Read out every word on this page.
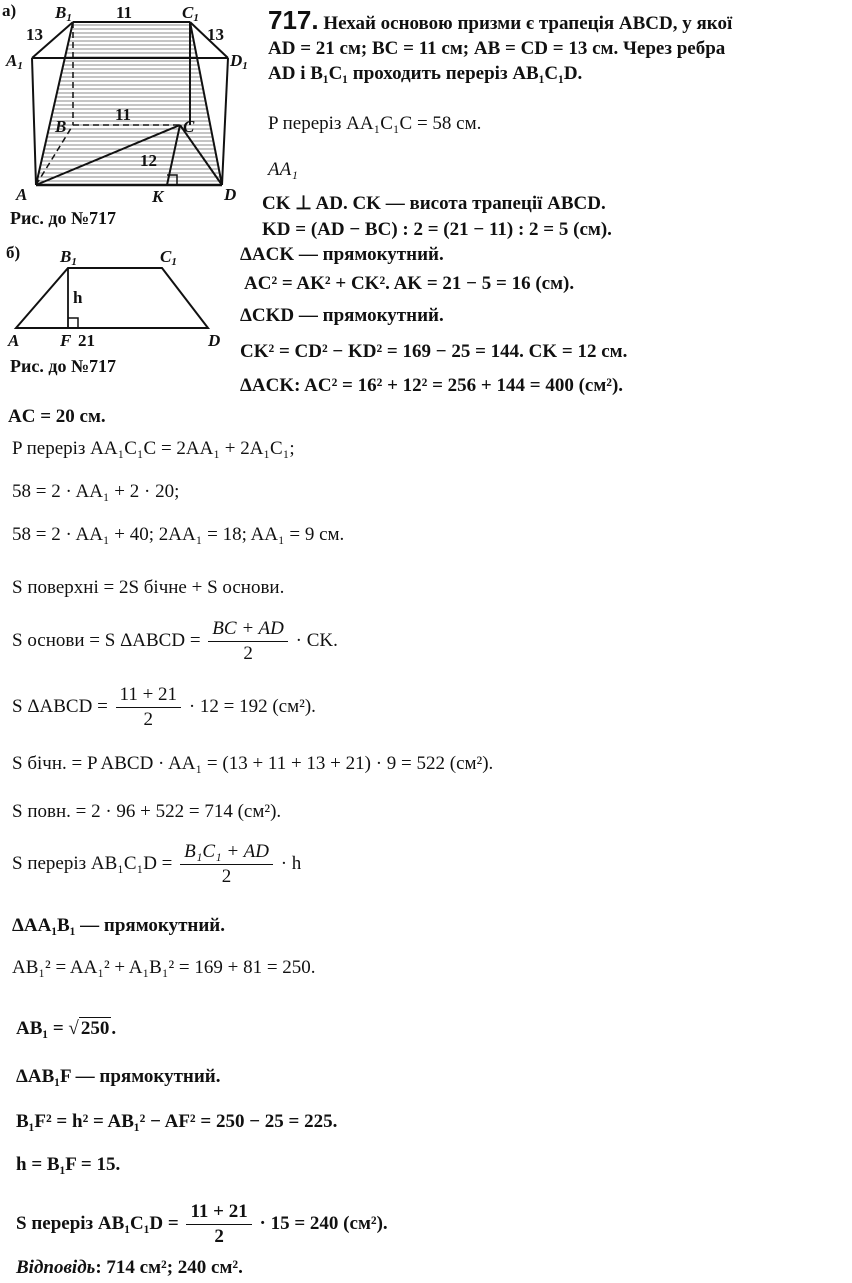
а) B1	C1
A1	D1
A	D
K
B	C
11
13	13
11
12
Рис. до №717
б) B1	C1
h
A F 21	D
Рис. до №717
717. Нехай основою призми є трапеція ABCD, у якої
AD = 21 см; BC = 11 см; AB = CD = 13 см. Через ребра
AD і B₁C₁ проходить переріз AB₁C₁D.
P переріз AA₁C₁C = 58 см.
AA₁
CK ⊥ AD. CK — висота трапеції ABCD.
KD = (AD − BC) : 2 = (21 − 11) : 2 = 5 (см).
ΔACK — прямокутний.
AC² = AK² + CK². AK = 21 − 5 = 16 (см).
ΔCKD — прямокутний.
CK² = CD² − KD² = 169 − 25 = 144. CK = 12 см.
ΔACK: AC² = 16² + 12² = 256 + 144 = 400 (см²).
AC = 20 см.
P переріз AA₁C₁C = 2AA₁ + 2A₁C₁;
58 = 2 · AA₁ + 2 · 20;
58 = 2 · AA₁ + 40; 2AA₁ = 18; AA₁ = 9 см.
S поверхні = 2S бічне + S основи.
S основи = S ΔABCD = $\frac{BC + AD}{2}$ · CK.
S ΔABCD = $\frac{11 + 21}{2} \cdot 12 = 192$ (см²).
S бічн. = P ABCD · AA₁ = (13 + 11 + 13 + 21) · 9 = 522 (см²).
S повн. = 2 · 96 + 522 = 714 (см²).
S переріз $AB_1C_1D = \frac{\text{B₁C₁ + AD}}{2} \cdot h$
ΔAA₁B₁ — прямокутний.
AB₁² = AA₁² + A₁B₁² = 169 + 81 = 250.
AB₁ = √ 250 .
ΔAB₁F — прямокутний.
B₁F² = h² = AB₁² − AF² = 250 − 25 = 225.
h = B₁F = 15.
S переріз $AB_1C_1D = \frac{11 + 21}{2} \cdot 15 = 240$ (см²).
Відповідь: 714 см²; 240 см².
